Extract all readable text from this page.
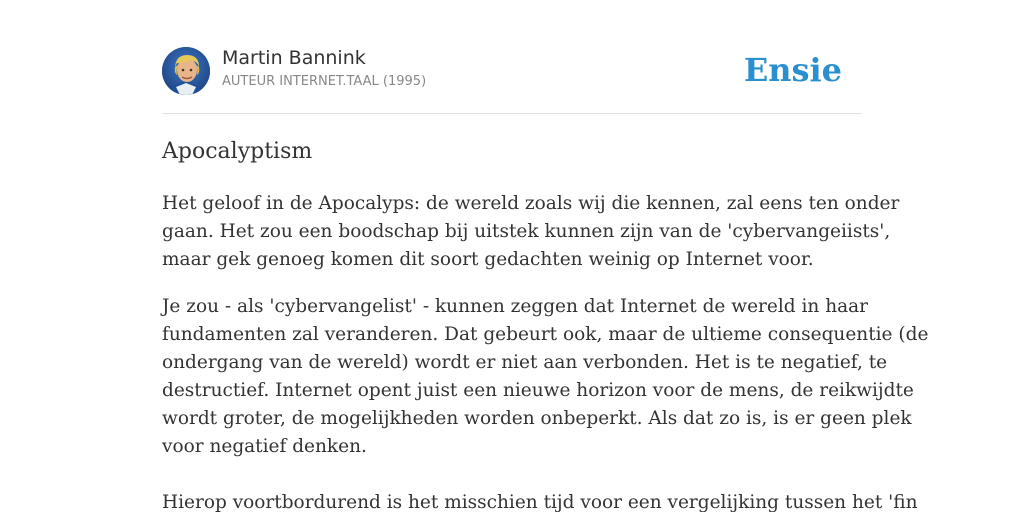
Martin Bannink
AUTEUR INTERNET.TAAL (1995)	Ensie
Apocalyptism
Het geloof in de Apocalyps: de wereld zoals wij die kennen, zal eens ten onder
gaan. Het zou een boodschap bij uitstek kunnen zijn van de 'cybervangeiists',
maar gek genoeg komen dit soort gedachten weinig op Internet voor.
Je zou - als 'cybervangelist' - kunnen zeggen dat Internet de wereld in haar
fundamenten zal veranderen. Dat gebeurt ook, maar de ultieme consequentie (de
ondergang van de wereld) wordt er niet aan verbonden. Het is te negatief, te
destructief. Internet opent juist een nieuwe horizon voor de mens, de reikwijdte
wordt groter, de mogelijkheden worden onbeperkt. Als dat zo is, is er geen plek
voor negatief denken.
Hierop voortbordurend is het misschien tijd voor een vergelijking tussen het 'fin
